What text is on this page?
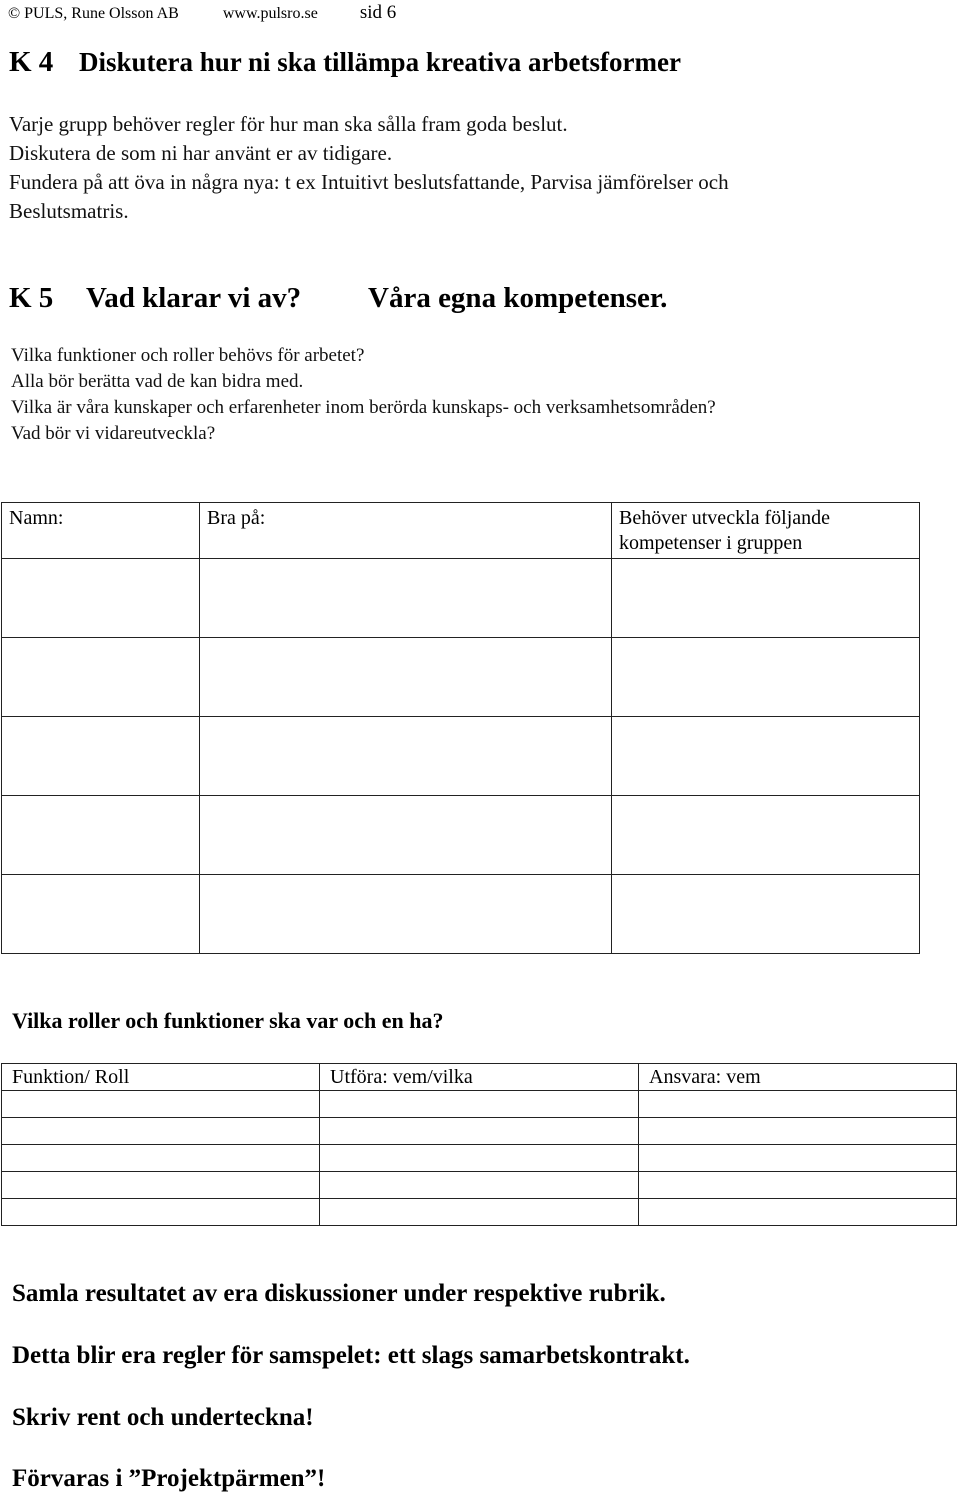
© PULS, Rune Olsson AB	www.pulsro.se sid 6
K 4 Diskutera hur ni ska tillämpa kreativa arbetsformer
Varje grupp behöver regler för hur man ska sålla fram goda beslut.
Diskutera de som ni har använt er av tidigare.
Fundera på att öva in några nya: t ex Intuitivt beslutsfattande, Parvisa jämförelser och
Beslutsmatris.
K 5 Vad klarar vi av? Våra egna kompetenser.
Vilka funktioner och roller behövs för arbetet?
Alla bör berätta vad de kan bidra med.
Vilka är våra kunskaper och erfarenheter inom berörda kunskaps- och verksamhetsområden?
Vad bör vi vidareutveckla?
Namn:	Bra på:	Behöver utveckla följande kompetenser i gruppen

Vilka roller och funktioner ska var och en ha?
Funktion/ Roll	Utföra: vem/vilka	Ansvara: vem

Samla resultatet av era diskussioner under respektive rubrik.
Detta blir era regler för samspelet: ett slags samarbetskontrakt.
Skriv rent och underteckna!
Förvaras i ”Projektpärmen”!
